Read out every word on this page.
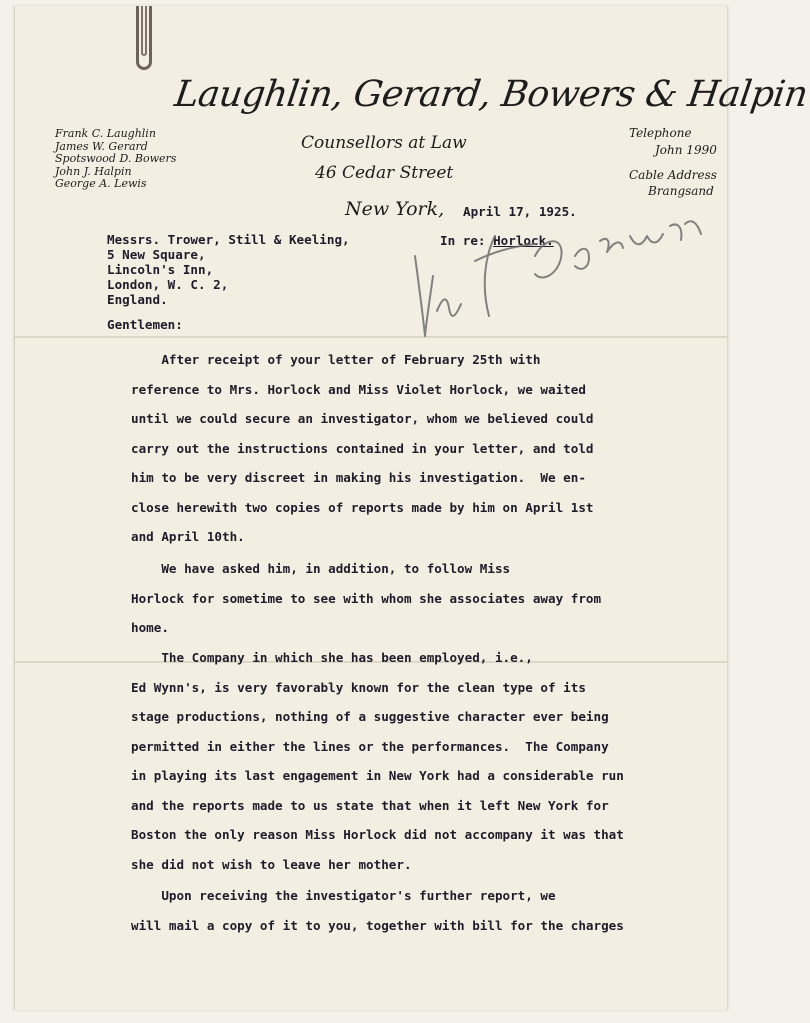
Laughlin, Gerard, Bowers & Halpin
Frank C. Laughlin
James W. Gerard
Spotswood D. Bowers
John J. Halpin
George A. Lewis
Counsellors at Law
46 Cedar Street
New York,
Telephone
John 1990
Cable Address
Brangsand
April 17, 1925.
Messrs. Trower, Still & Keeling,
5 New Square,
Lincoln's Inn,
London, W. C. 2,
England.
In re: Horlock.
Gentlemen:
After receipt of your letter of February 25th with
reference to Mrs. Horlock and Miss Violet Horlock, we waited
until we could secure an investigator, whom we believed could
carry out the instructions contained in your letter, and told
him to be very discreet in making his investigation.  We en-
close herewith two copies of reports made by him on April 1st
and April 10th.
We have asked him, in addition, to follow Miss
Horlock for sometime to see with whom she associates away from
home.
The Company in which she has been employed, i.e.,
Ed Wynn's, is very favorably known for the clean type of its
stage productions, nothing of a suggestive character ever being
permitted in either the lines or the performances.  The Company
in playing its last engagement in New York had a considerable run
and the reports made to us state that when it left New York for
Boston the only reason Miss Horlock did not accompany it was that
she did not wish to leave her mother.
Upon receiving the investigator's further report, we
will mail a copy of it to you, together with bill for the charges
